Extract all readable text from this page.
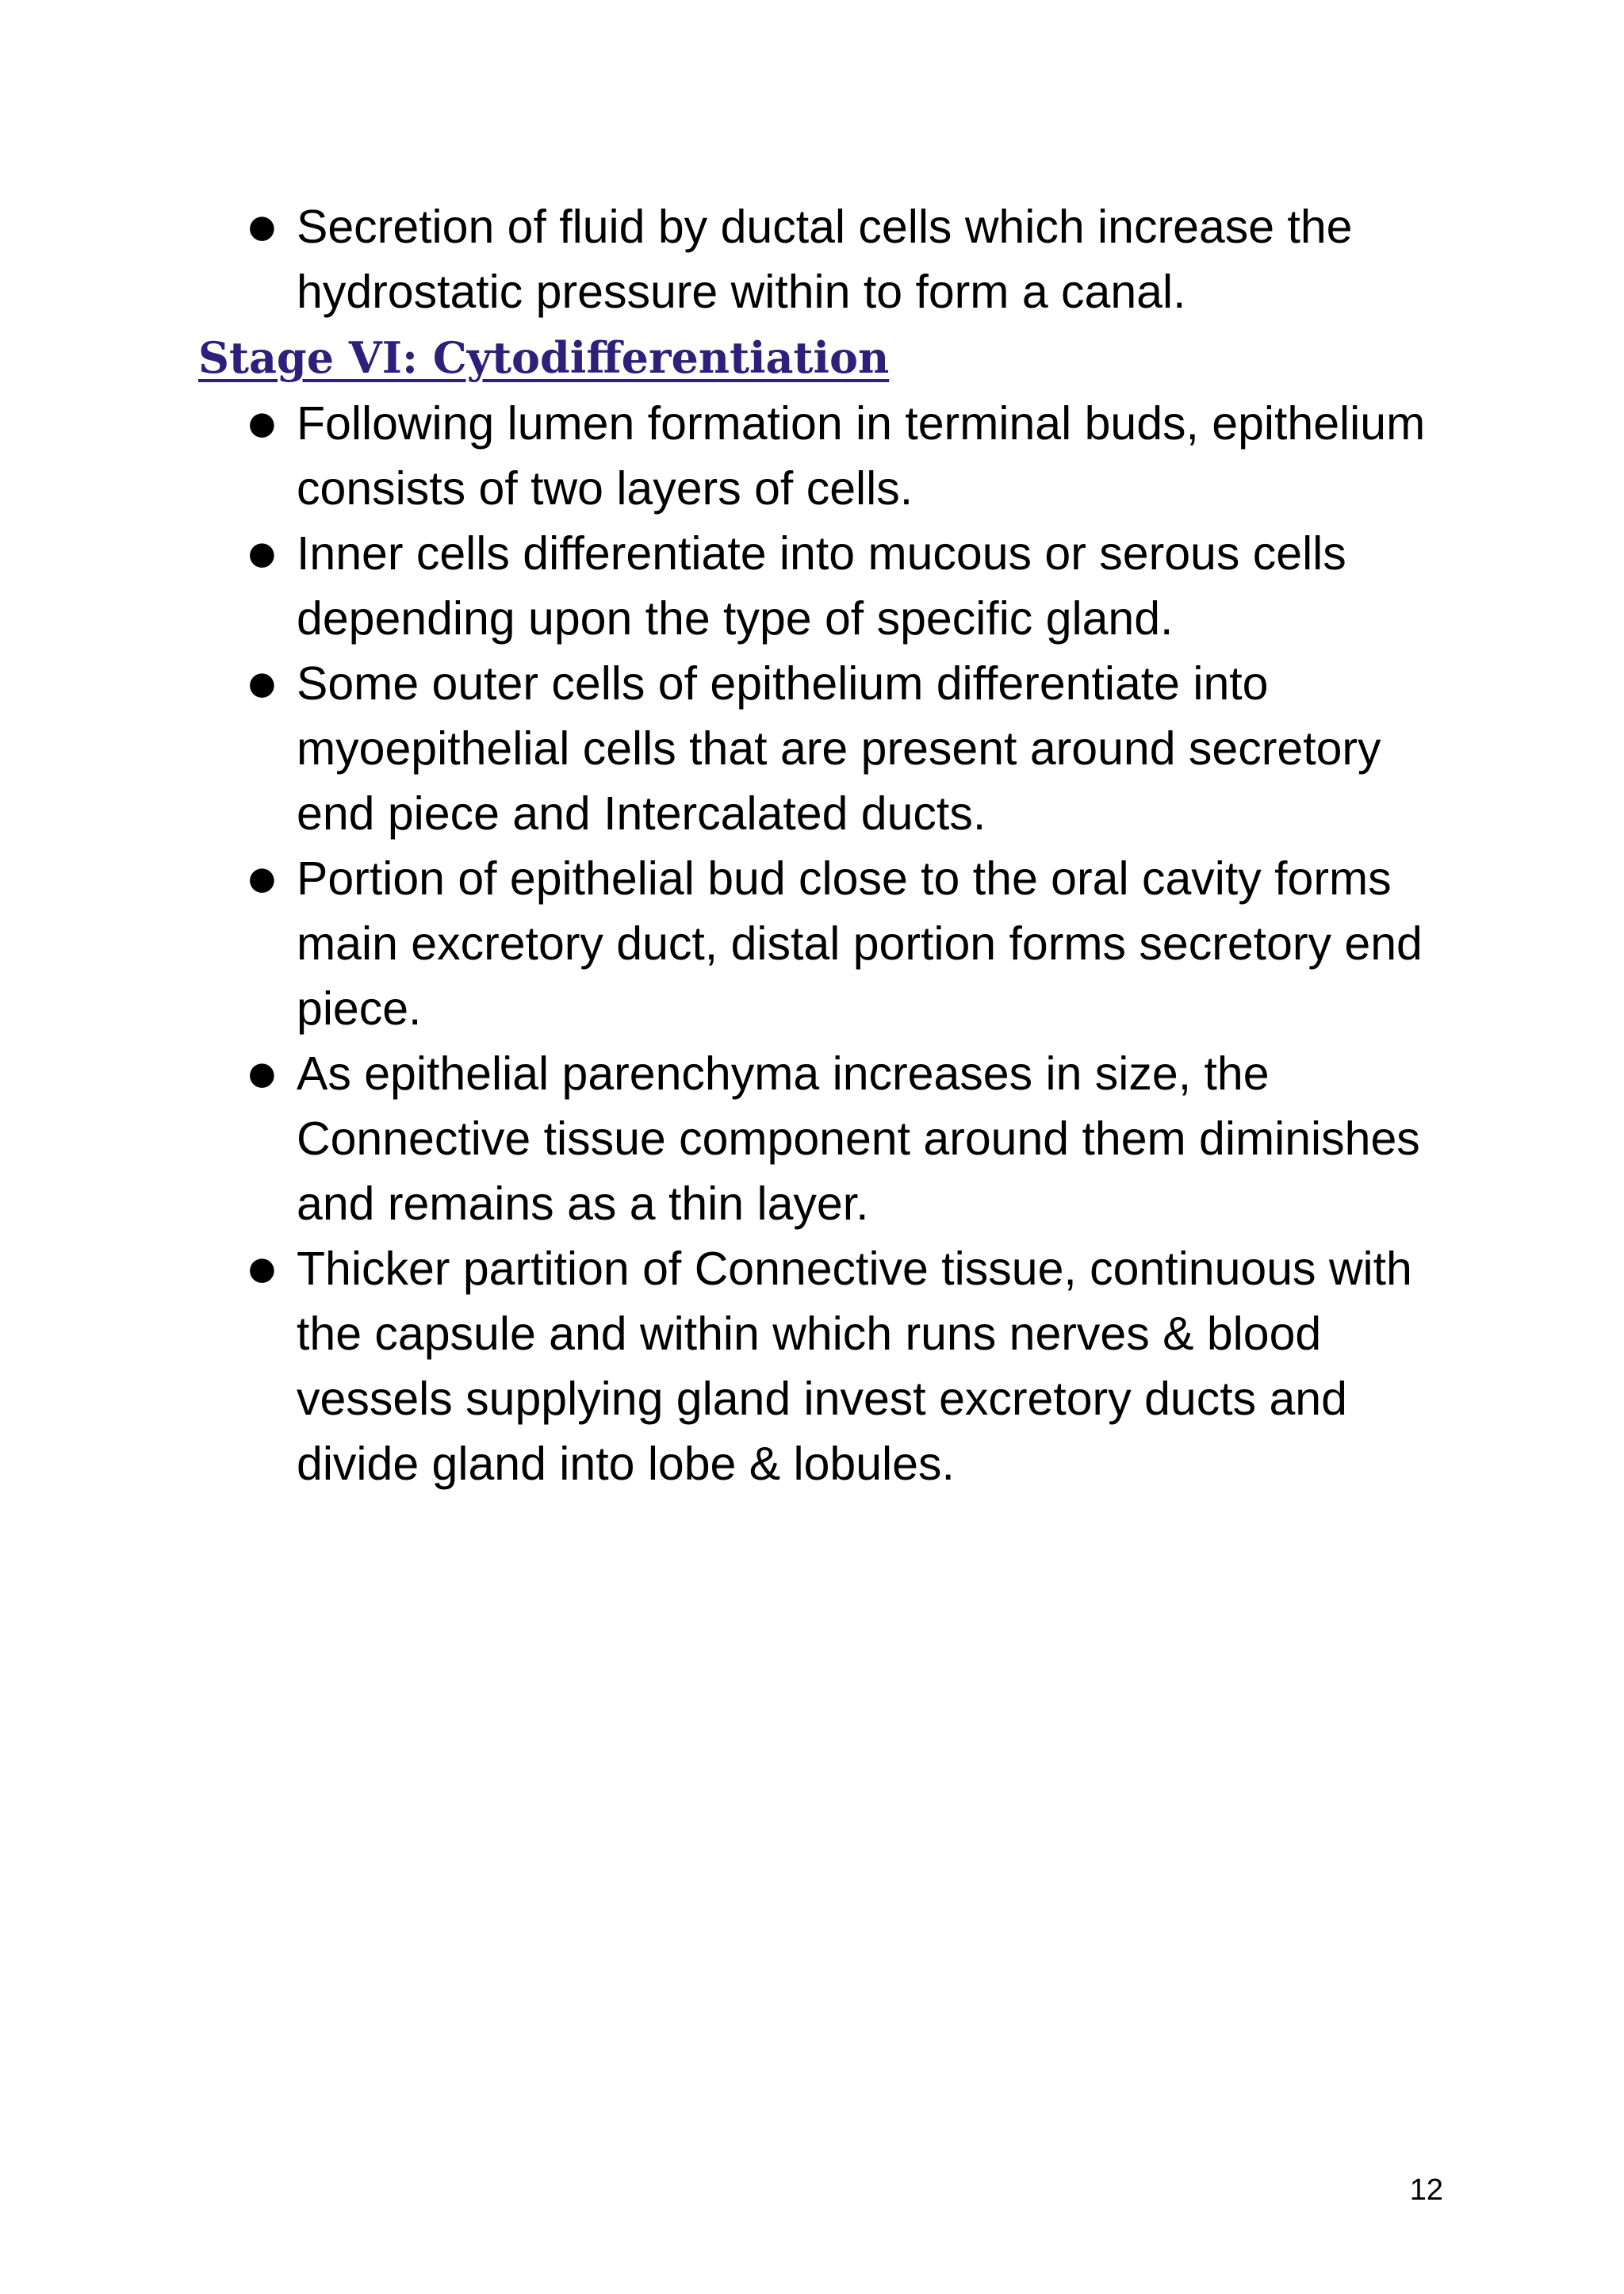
● Secretion of fluid by ductal cells which increase the hydrostatic pressure within to form a canal.
Stage VI: Cytodifferentiation
● Following lumen formation in terminal buds, epithelium consists of two layers of cells.
● Inner cells differentiate into mucous or serous cells depending upon the type of specific gland.
● Some outer cells of epithelium differentiate into myoepithelial cells that are present around secretory end piece and Intercalated ducts.
● Portion of epithelial bud close to the oral cavity forms main excretory duct, distal portion forms secretory end piece.
● As epithelial parenchyma increases in size, the Connective tissue component around them diminishes and remains as a thin layer.
● Thicker partition of Connective tissue, continuous with the capsule and within which runs nerves & blood vessels supplying gland invest excretory ducts and divide gland into lobe & lobules.
12
